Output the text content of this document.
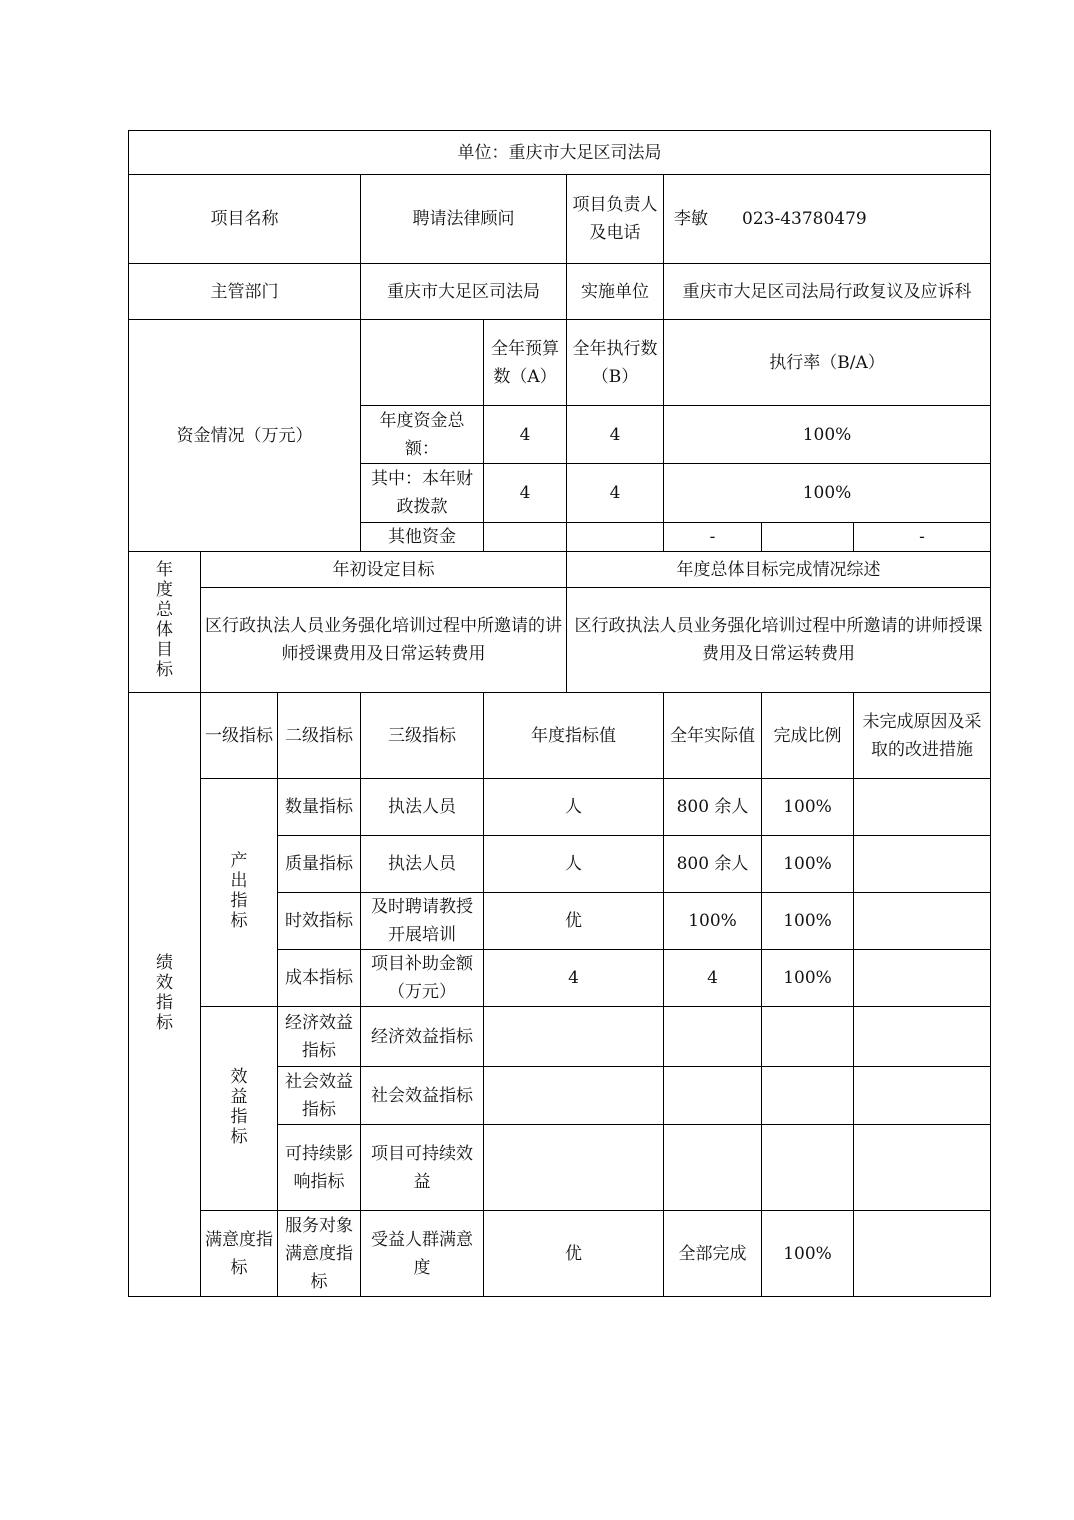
单位：重庆市大足区司法局								
项目名称			聘请法律顾问		项目负责人及电话	李敏　　023-43780479		
主管部门			重庆市大足区司法局		实施单位	重庆市大足区司法局行政复议及应诉科		
资金情况（万元）				全年预算数（A）	全年执行数（B）	执行率（B/A）		
			年度资金总额：	4	4	100%		
			其中：本年财政拨款	4	4	100%		
			其他资金			-		-
年度总体目标	年初设定目标				年度总体目标完成情况综述			
	区行政执法人员业务强化培训过程中所邀请的讲师授课费用及日常运转费用				区行政执法人员业务强化培训过程中所邀请的讲师授课费用及日常运转费用			
绩效指标	一级指标	二级指标	三级指标	年度指标值		全年实际值	完成比例	未完成原因及采取的改进措施
	产出指标	数量指标	执法人员	人		800 余人	100%	
		质量指标	执法人员	人		800 余人	100%	
		时效指标	及时聘请教授开展培训	优		100%	100%	
		成本指标	项目补助金额（万元）	4		4	100%	
	效益指标	经济效益指标	经济效益指标					
		社会效益指标	社会效益指标					
		可持续影响指标	项目可持续效益					
	满意度指标	服务对象满意度指标	受益人群满意度	优		全部完成	100%	
